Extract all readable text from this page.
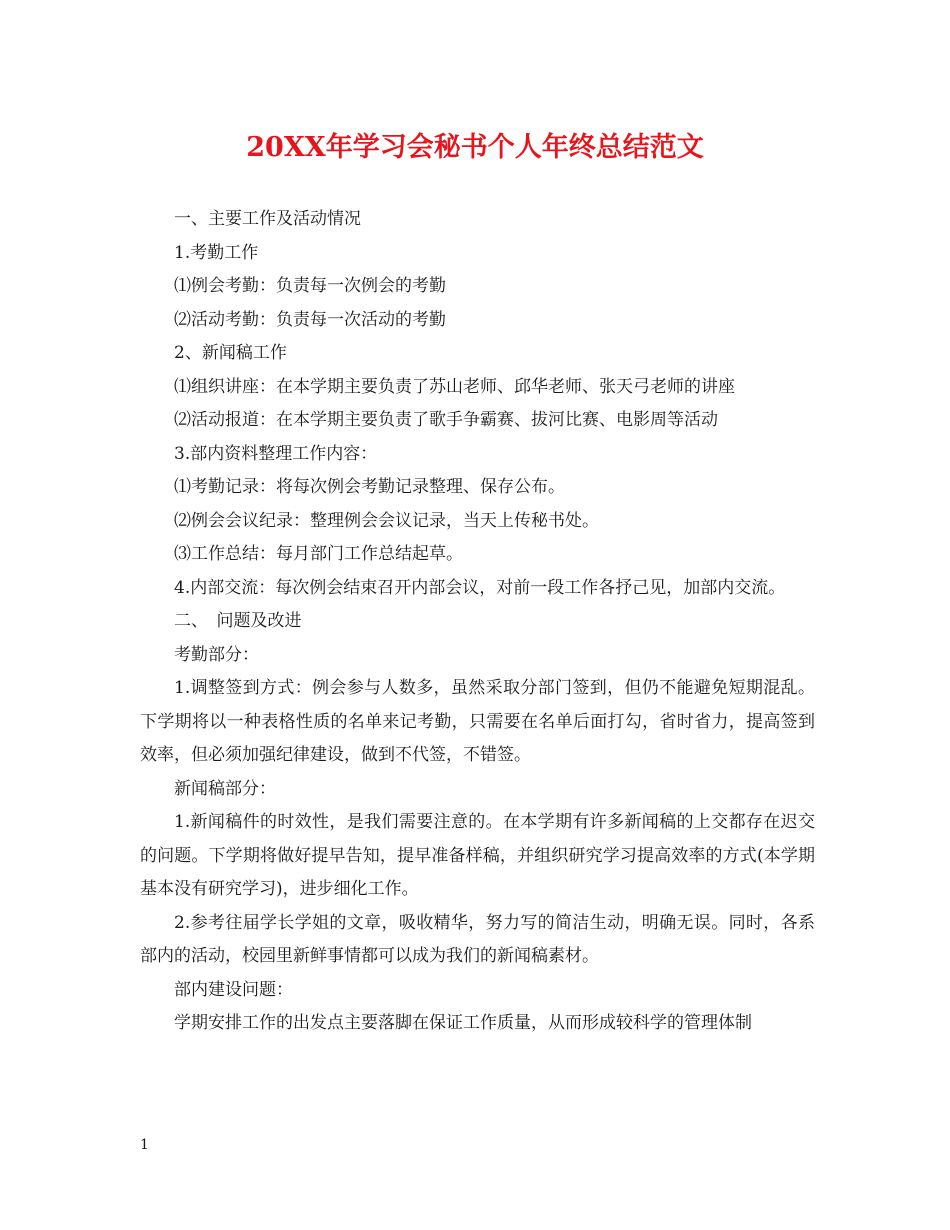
20XX年学习会秘书个人年终总结范文

一、主要工作及活动情况

1.考勤工作

⑴例会考勤：负责每一次例会的考勤

⑵活动考勤：负责每一次活动的考勤

2、新闻稿工作

⑴组织讲座：在本学期主要负责了苏山老师、邱华老师、张天弓老师的讲座

⑵活动报道：在本学期主要负责了歌手争霸赛、拔河比赛、电影周等活动

3.部内资料整理工作内容：

⑴考勤记录：将每次例会考勤记录整理、保存公布。

⑵例会会议纪录：整理例会会议记录，当天上传秘书处。

⑶工作总结：每月部门工作总结起草。

4.内部交流：每次例会结束召开内部会议，对前一段工作各抒己见，加部内交流。

二、　问题及改进

考勤部分：

1.调整签到方式：例会参与人数多，虽然采取分部门签到，但仍不能避免短期混乱。下学期将以一种表格性质的名单来记考勤，只需要在名单后面打勾，省时省力，提高签到效率，但必须加强纪律建设，做到不代签，不错签。

新闻稿部分：

1.新闻稿件的时效性，是我们需要注意的。在本学期有许多新闻稿的上交都存在迟交的问题。下学期将做好提早告知，提早准备样稿，并组织研究学习提高效率的方式(本学期基本没有研究学习)，进步细化工作。

2.参考往届学长学姐的文章，吸收精华，努力写的简洁生动，明确无误。同时，各系部内的活动，校园里新鲜事情都可以成为我们的新闻稿素材。

部内建设问题：

学期安排工作的出发点主要落脚在保证工作质量，从而形成较科学的管理体制

1
